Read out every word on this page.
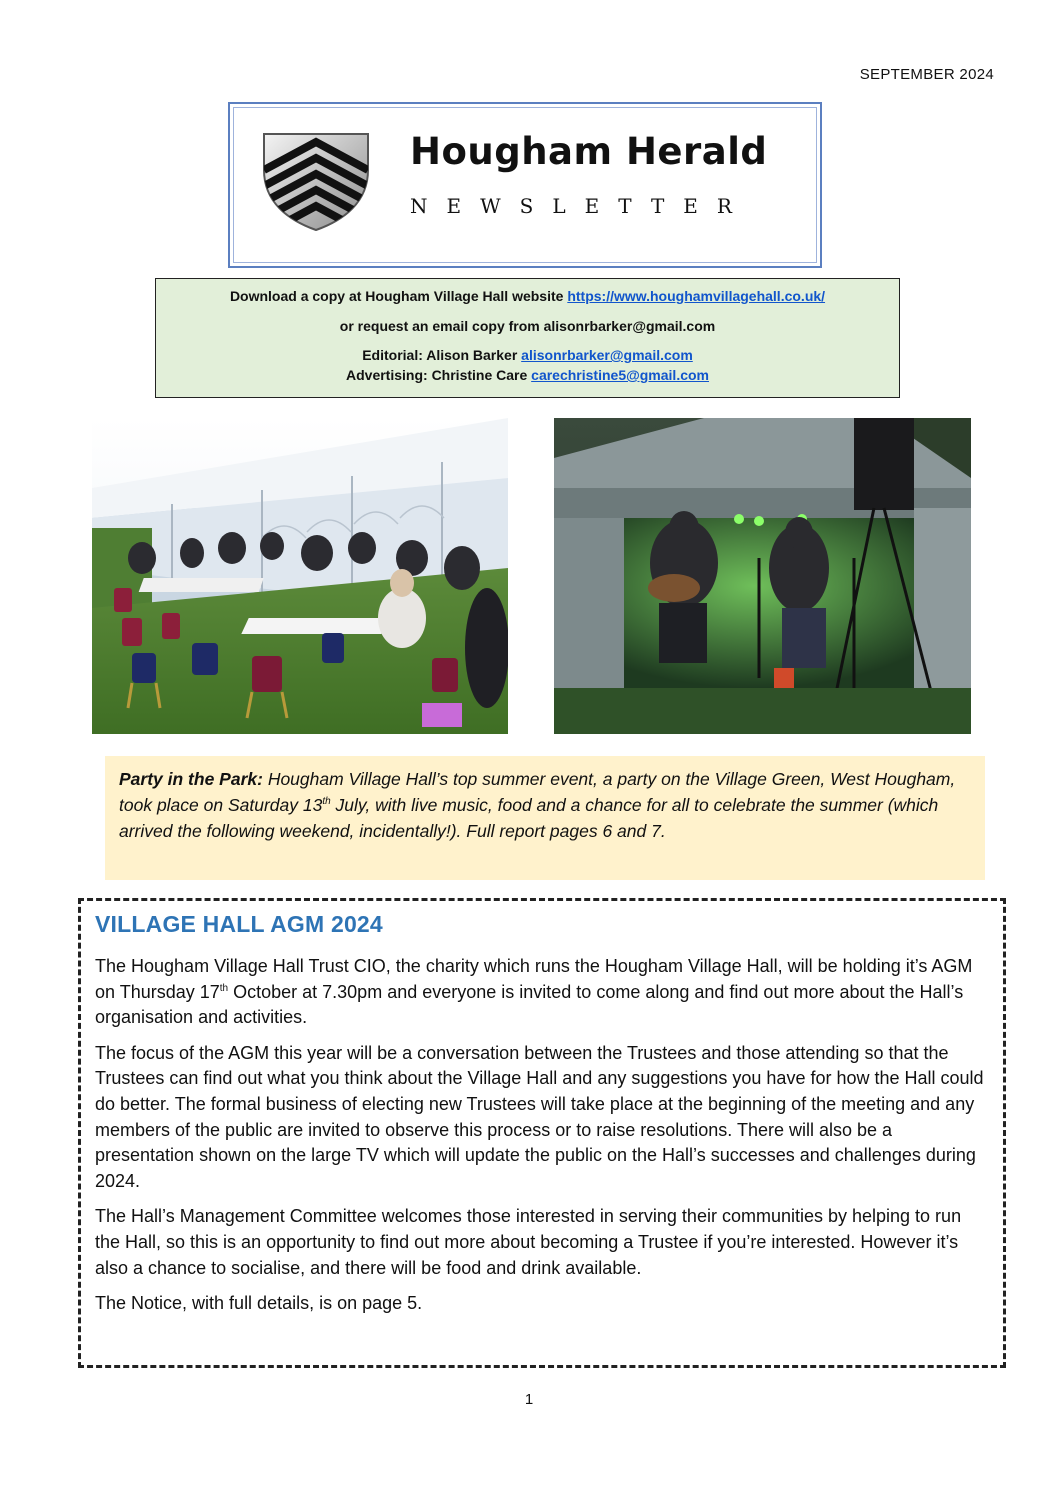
SEPTEMBER 2024
Hougham Herald
NEWSLETTER
Download a copy at Hougham Village Hall website https://www.houghamvillagehall.co.uk/
or request an email copy from alisonrbarker@gmail.com
Editorial: Alison Barker alisonrbarker@gmail.com
Advertising: Christine Care carechristine5@gmail.com
Party in the Park: Hougham Village Hall’s top summer event, a party on the Village Green, West Hougham, took place on Saturday 13th July, with live music, food and a chance for all to celebrate the summer (which arrived the following weekend, incidentally!). Full report pages 6 and 7.
VILLAGE HALL AGM 2024

The Hougham Village Hall Trust CIO, the charity which runs the Hougham Village Hall, will be holding it’s AGM on Thursday 17th October at 7.30pm and everyone is invited to come along and find out more about the Hall’s organisation and activities.

The focus of the AGM this year will be a conversation between the Trustees and those attending so that the Trustees can find out what you think about the Village Hall and any suggestions you have for how the Hall could do better. The formal business of electing new Trustees will take place at the beginning of the meeting and any members of the public are invited to observe this process or to raise resolutions. There will also be a presentation shown on the large TV which will update the public on the Hall’s successes and challenges during 2024.

The Hall’s Management Committee welcomes those interested in serving their communities by helping to run the Hall, so this is an opportunity to find out more about becoming a Trustee if you’re interested. However it’s also a chance to socialise, and there will be food and drink available.

The Notice, with full details, is on page 5.

1
